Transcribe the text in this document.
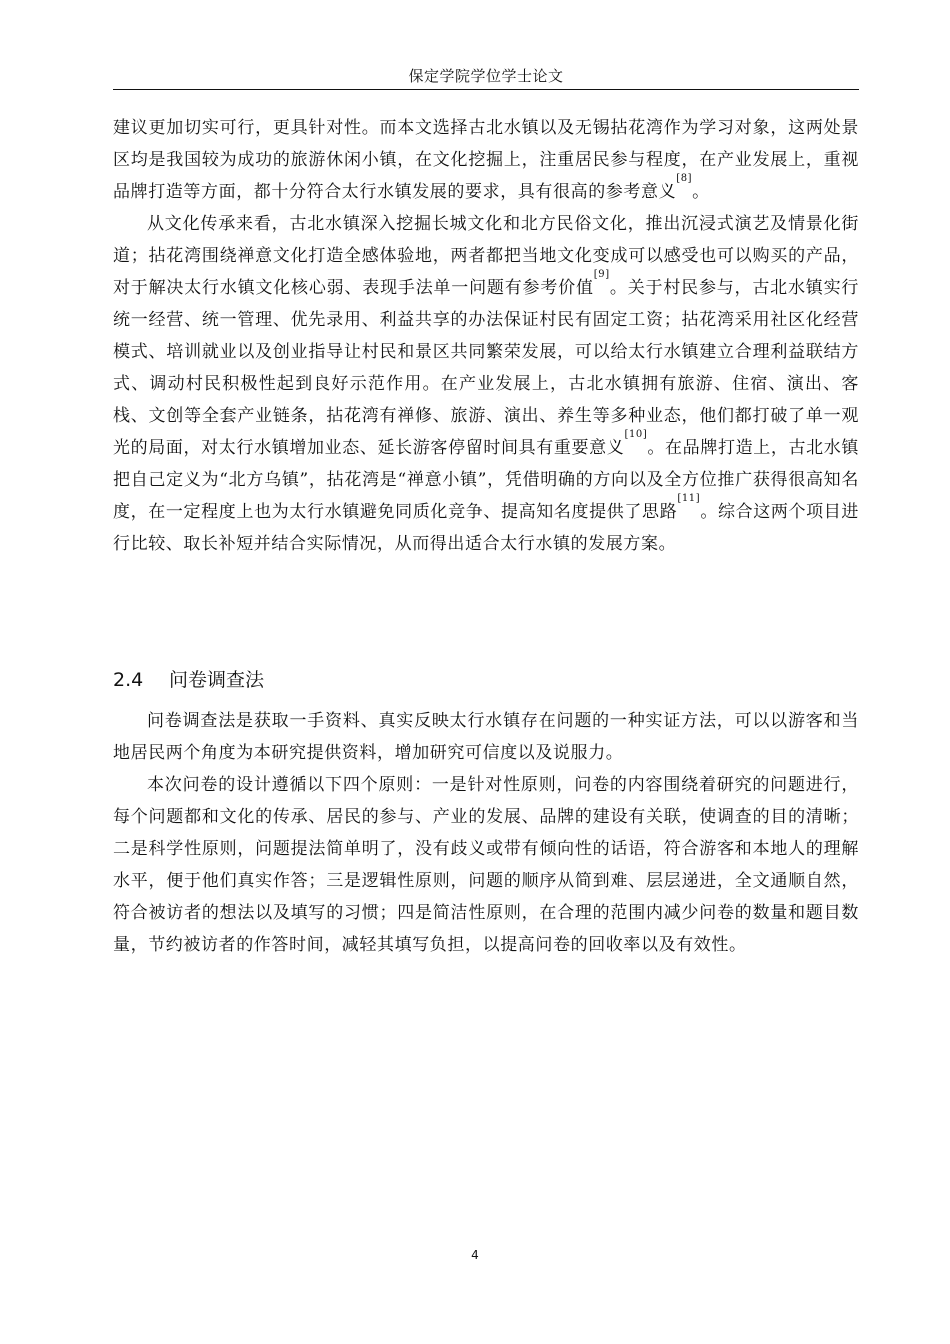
保定学院学位学士论文

建议更加切实可行，更具针对性。而本文选择古北水镇以及无锡拈花湾作为学习对象，这两处景区均是我国较为成功的旅游休闲小镇，在文化挖掘上，注重居民参与程度，在产业发展上，重视品牌打造等方面，都十分符合太行水镇发展的要求，具有很高的参考意义[8]。

从文化传承来看，古北水镇深入挖掘长城文化和北方民俗文化，推出沉浸式演艺及情景化街道；拈花湾围绕禅意文化打造全感体验地，两者都把当地文化变成可以感受也可以购买的产品，对于解决太行水镇文化核心弱、表现手法单一问题有参考价值[9]。关于村民参与，古北水镇实行统一经营、统一管理、优先录用、利益共享的办法保证村民有固定工资；拈花湾采用社区化经营模式、培训就业以及创业指导让村民和景区共同繁荣发展，可以给太行水镇建立合理利益联结方式、调动村民积极性起到良好示范作用。在产业发展上，古北水镇拥有旅游、住宿、演出、客栈、文创等全套产业链条，拈花湾有禅修、旅游、演出、养生等多种业态，他们都打破了单一观光的局面，对太行水镇增加业态、延长游客停留时间具有重要意义[10]。在品牌打造上，古北水镇把自己定义为“北方乌镇”，拈花湾是“禅意小镇”，凭借明确的方向以及全方位推广获得很高知名度，在一定程度上也为太行水镇避免同质化竞争、提高知名度提供了思路[11]。综合这两个项目进行比较、取长补短并结合实际情况，从而得出适合太行水镇的发展方案。

2.4 问卷调查法

问卷调查法是获取一手资料、真实反映太行水镇存在问题的一种实证方法，可以以游客和当地居民两个角度为本研究提供资料，增加研究可信度以及说服力。

本次问卷的设计遵循以下四个原则：一是针对性原则，问卷的内容围绕着研究的问题进行，每个问题都和文化的传承、居民的参与、产业的发展、品牌的建设有关联，使调查的目的清晰；二是科学性原则，问题提法简单明了，没有歧义或带有倾向性的话语，符合游客和本地人的理解水平，便于他们真实作答；三是逻辑性原则，问题的顺序从简到难、层层递进，全文通顺自然，符合被访者的想法以及填写的习惯；四是简洁性原则，在合理的范围内减少问卷的数量和题目数量，节约被访者的作答时间，减轻其填写负担，以提高问卷的回收率以及有效性。

4
